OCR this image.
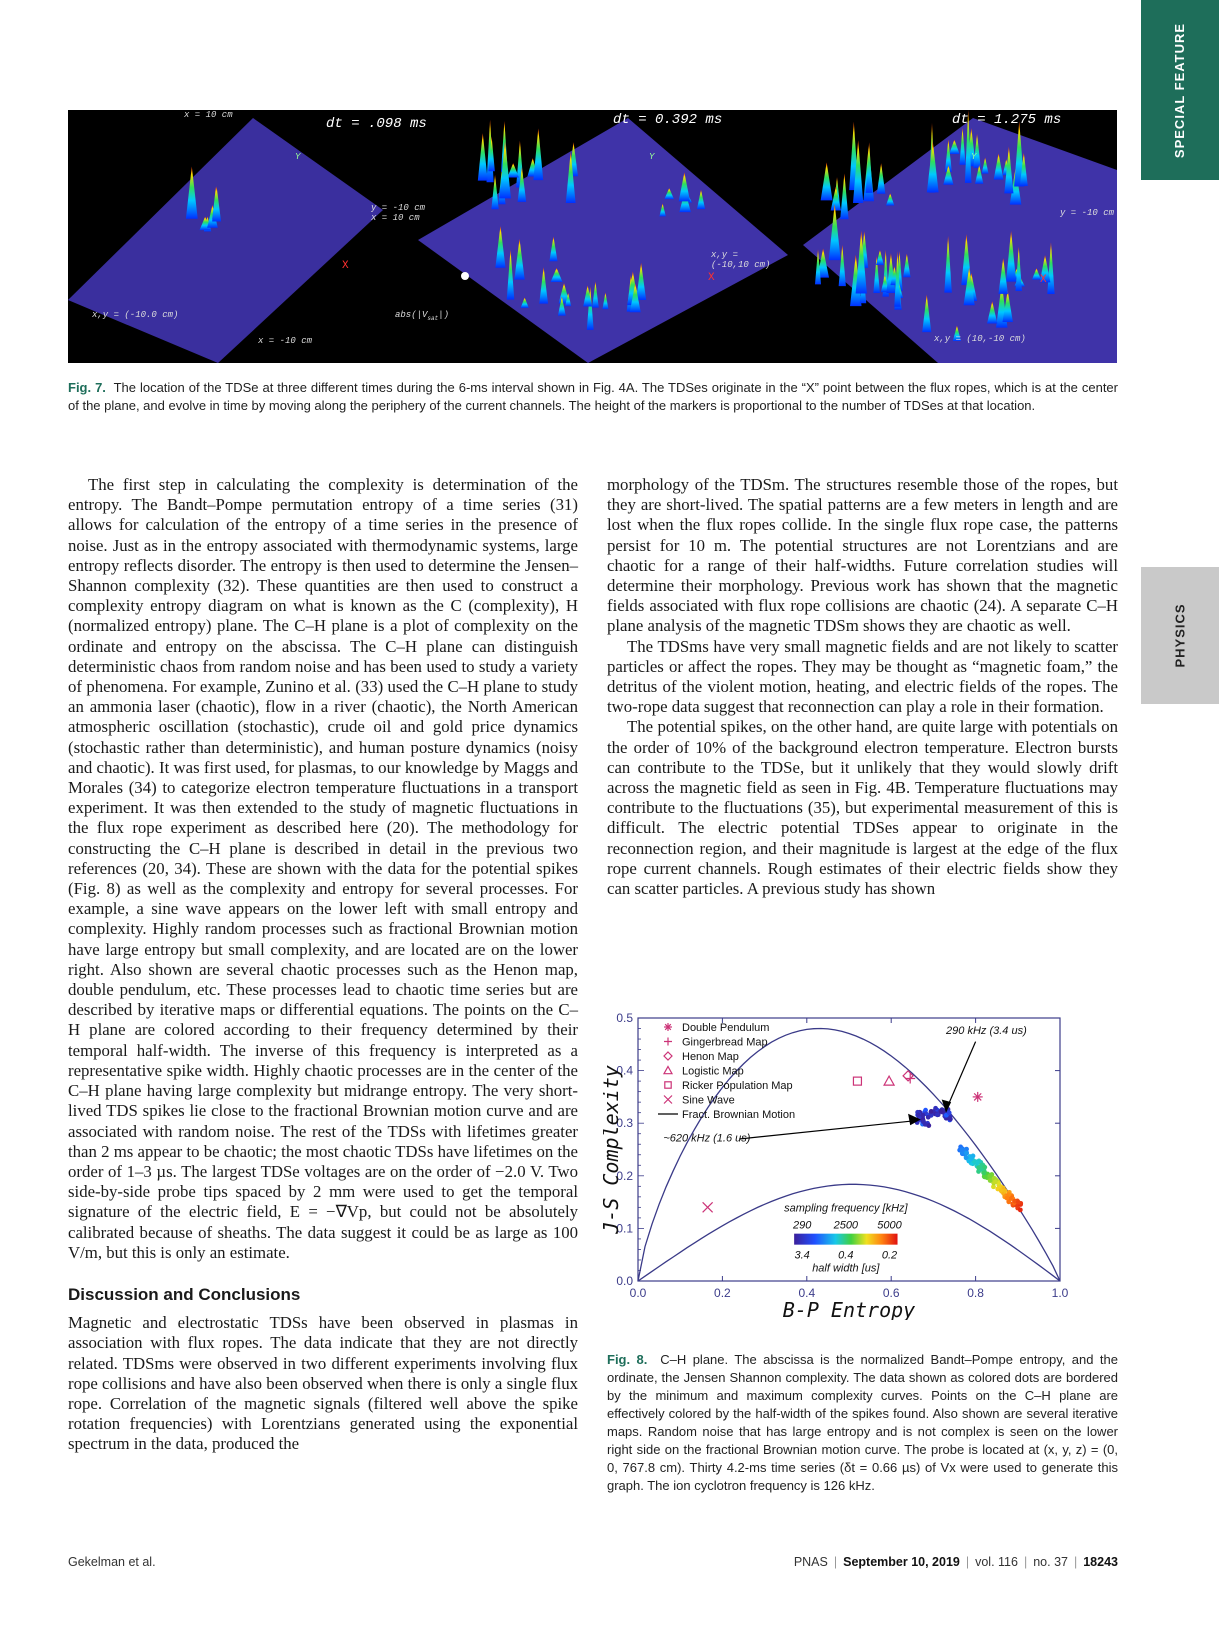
SPECIAL FEATURE
PHYSICS
x = 10 cm
dt = .098 ms	dt = 0.392 ms	dt = 1.275 ms
Y	Y	Y
y = -10 cm
x = 10 cm
x,y = (-10.0 cm)
x = -10 cm
$abs(|V_{sat}|)$
x,y =
(-10,10 cm)
y = -10 cm
x,y = (10,-10 cm)
X
X	X
Fig. 7. The location of the TDSe at three different times during the 6-ms interval shown in Fig. 4A. The TDSes originate in the “X” point between the flux ropes, which is at the center of the plane, and evolve in time by moving along the periphery of the current channels. The height of the markers is proportional to the number of TDSes at that location.

The first step in calculating the complexity is determination of the entropy. The Bandt–Pompe permutation entropy of a time series (31) allows for calculation of the entropy of a time series in the presence of noise. Just as in the entropy associated with thermodynamic systems, large entropy reflects disorder. The entropy is then used to determine the Jensen–Shannon complexity (32). These quantities are then used to construct a complexity entropy diagram on what is known as the C (complexity), H (normalized entropy) plane. The C–H plane is a plot of complexity on the ordinate and entropy on the abscissa. The C–H plane can distinguish deterministic chaos from random noise and has been used to study a variety of phenomena. For example, Zunino et al. (33) used the C–H plane to study an ammonia laser (chaotic), flow in a river (chaotic), the North American atmospheric oscillation (stochastic), crude oil and gold price dynamics (stochastic rather than deterministic), and human posture dynamics (noisy and chaotic). It was first used, for plasmas, to our knowledge by Maggs and Morales (34) to categorize electron temperature fluctuations in a transport experiment. It was then extended to the study of magnetic fluctuations in the flux rope experiment as described here (20). The methodology for constructing the C–H plane is described in detail in the previous two references (20, 34). These are shown with the data for the potential spikes (Fig. 8) as well as the complexity and entropy for several processes. For example, a sine wave appears on the lower left with small entropy and complexity. Highly random processes such as fractional Brownian motion have large entropy but small complexity, and are located are on the lower right. Also shown are several chaotic processes such as the Henon map, double pendulum, etc. These processes lead to chaotic time series but are described by iterative maps or differential equations. The points on the C–H plane are colored according to their frequency determined by their temporal half-width. The inverse of this frequency is interpreted as a representative spike width. Highly chaotic processes are in the center of the C–H plane having large complexity but midrange entropy. The very short-lived TDS spikes lie close to the fractional Brownian motion curve and are associated with random noise. The rest of the TDSs with lifetimes greater than 2 ms appear to be chaotic; the most chaotic TDSs have lifetimes on the order of 1–3 µs. The largest TDSe voltages are on the order of −2.0 V. Two side-by-side probe tips spaced by 2 mm were used to get the temporal signature of the electric field, E = −∇Vp, but could not be absolutely calibrated because of sheaths. The data suggest it could be as large as 100 V/m, but this is only an estimate.

Discussion and Conclusions

Magnetic and electrostatic TDSs have been observed in plasmas in association with flux ropes. The data indicate that they are not directly related. TDSms were observed in two different experiments involving flux rope collisions and have also been observed when there is only a single flux rope. Correlation of the magnetic signals (filtered well above the spike rotation frequencies) with Lorentzians generated using the exponential spectrum in the data, produced the

morphology of the TDSm. The structures resemble those of the ropes, but they are short-lived. The spatial patterns are a few meters in length and are lost when the flux ropes collide. In the single flux rope case, the patterns persist for 10 m. The potential structures are not Lorentzians and are chaotic for a range of their half-widths. Future correlation studies will determine their morphology. Previous work has shown that the magnetic fields associated with flux rope collisions are chaotic (24). A separate C–H plane analysis of the magnetic TDSm shows they are chaotic as well.

The TDSms have very small magnetic fields and are not likely to scatter particles or affect the ropes. They may be thought as “magnetic foam,” the detritus of the violent motion, heating, and electric fields of the ropes. The two-rope data suggest that reconnection can play a role in their formation.

The potential spikes, on the other hand, are quite large with potentials on the order of 10% of the background electron temperature. Electron bursts can contribute to the TDSe, but it unlikely that they would slowly drift across the magnetic field as seen in Fig. 4B. Temperature fluctuations may contribute to the fluctuations (35), but experimental measurement of this is difficult. The electric potential TDSes appear to originate in the reconnection region, and their magnitude is largest at the edge of the flux rope current channels. Rough estimates of their electric fields show they can scatter particles. A previous study has shown

0.0	0.2	0.4	0.6	0.8	1.0
0.0
0.1
0.2
0.3
0.4
0.5
B-P Entropy
J-S Complexity
Double Pendulum
Gingerbread Map
Henon Map
Logistic Map
Ricker Population Map
Sine Wave
Fract. Brownian Motion
290 kHz (3.4 us)
~620 kHz (1.6 us)
sampling frequency [kHz]
290 2500 5000
3.4	0.4	0.2
half width [us]
Fig. 8. C–H plane. The abscissa is the normalized Bandt–Pompe entropy, and the ordinate, the Jensen Shannon complexity. The data shown as colored dots are bordered by the minimum and maximum complexity curves. Points on the C–H plane are effectively colored by the half-width of the spikes found. Also shown are several iterative maps. Random noise that has large entropy and is not complex is seen on the lower right side on the fractional Brownian motion curve. The probe is located at (x, y, z) = (0, 0, 767.8 cm). Thirty 4.2-ms time series (δt = 0.66 µs) of Vx were used to generate this graph. The ion cyclotron frequency is 126 kHz.
Gekelman et al.	PNAS | September 10, 2019 | vol. 116 | no. 37 | 18243
